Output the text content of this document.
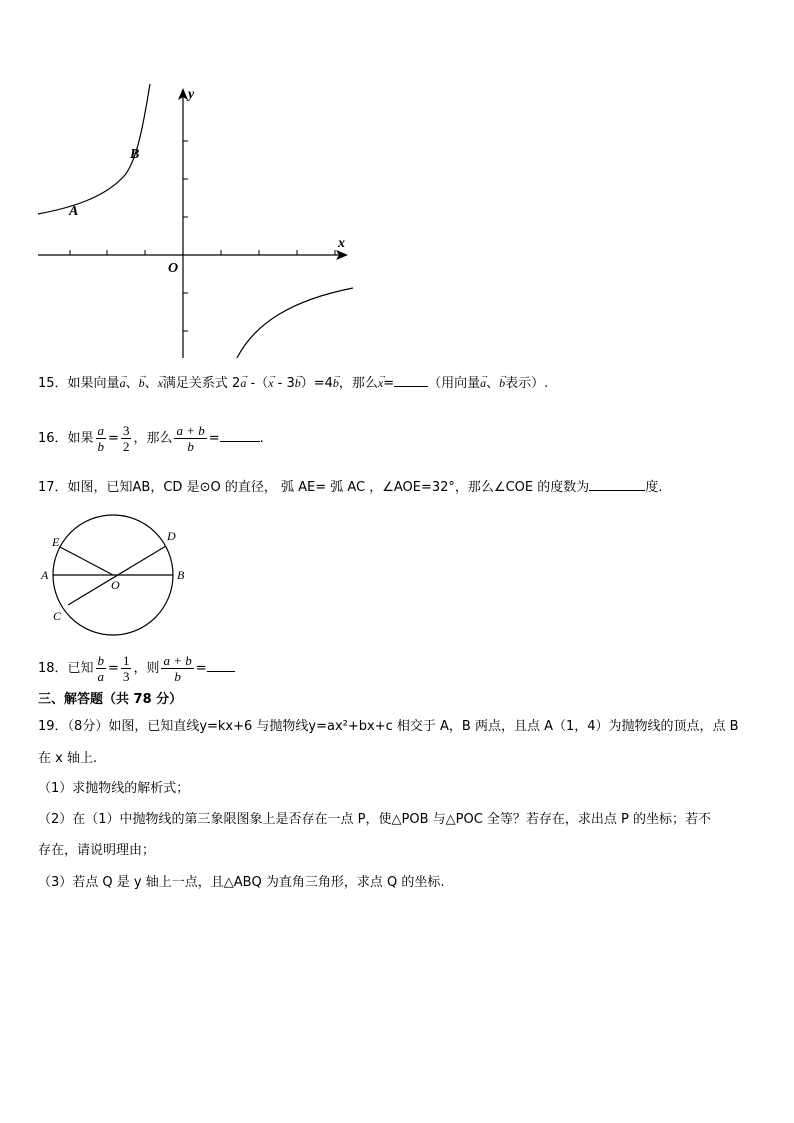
y
x
O
A
B
15．如果向量
→
a、
→
b、
→
x满足关系式 2
→
a -（
→
x - 3
→
b）=4
→
b，那么
→
x=	（用向量
→
a、
→
b表示）.
16．如果 $\frac{a}{b} = \frac{3}{2}$ ，那么 $\frac{a + b}{b}$ =	.
17．如图，已知AB，CD 是⊙O 的直径， 弧 AE= 弧 AC ，∠AOE=32°，那么∠COE 的度数为	度.
E	D
A	B
O
C
18．已知 $\frac{b}{a} = \frac{1}{3}$ ，则 $\frac{a + b}{b}$ =
三、解答题（共 78 分）
19．（8分）如图，已知直线y=kx+6 与抛物线y=ax²+bx+c 相交于 A，B 两点，且点 A（1，4）为抛物线的顶点，点 B
在 x 轴上.
（1）求抛物线的解析式；
（2）在（1）中抛物线的第三象限图象上是否存在一点 P，使△POB 与△POC 全等？若存在，求出点 P 的坐标；若不
存在，请说明理由；
（3）若点 Q 是 y 轴上一点，且△ABQ 为直角三角形，求点 Q 的坐标.
